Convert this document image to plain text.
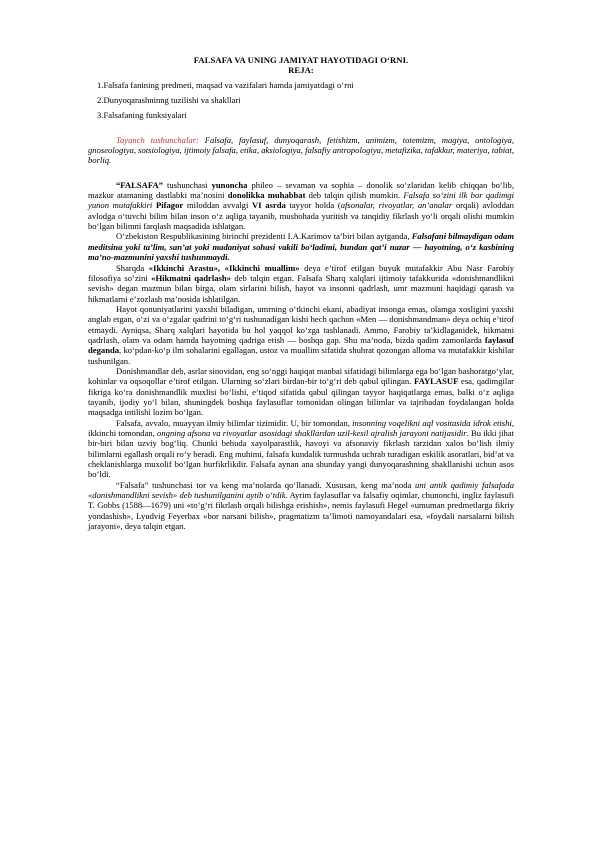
FALSAFA VA UNING JAMIYAT HAYOTIDAGI O‘RNI.

REJA:

1.Falsafa fanining predmeti, maqsad va vazifalari hamda jamiyatdagi o‘rni
2.Dunyoqarashninng tuzilishi va shakllari
3.Falsafaning funksiyalari

Tayanch tushunchalar: Falsafa, faylasuf, dunyoqarash, fetishizm, animizm, totemizm, magiya, ontologiya, gnoseologiya, sotsiologiya, ijtimoiy falsafa, etika, aksiologiya, falsafiy antropologiya, metafizika, tafakkur, materiya, tabiat, borliq.

“FALSAFA” tushunchasi yunoncha phileo – sevaman va sophia – donolik so‘zlaridan kelib chiqqan bo‘lib, mazkur atamaning dastlabki ma’nosini donolikka muhabbat deb talqin qilish mumkin. Falsafa so‘zini ilk bor qadimgi yunon mutafakkiri Pifagor miloddan avvalgi VI asrda tayyor holda (afsonalar, rivoyatlar, an’analar orqali) avloddan avlodga o‘tuvchi bilim bilan inson o‘z aqliga tayanib, mushohada yuritish va tanqidiy fikrlash yo‘li orqali olishi mumkin bo‘lgan bilimni farqlash maqsadida ishlatgan.

O‘zbekiston Respublikasining birinchi prezidenti I.A.Karimov ta’biri bilan aytganda, Falsafani bilmaydigan odam meditsina yoki ta’lim, san’at yoki madaniyat sohasi vakili bo‘ladimi, bundan qat’i nazar — hayotning, o‘z kasbining ma’no-mazmunini yaxshi tushunmaydi.

Sharqda «Ikkinchi Arastu», «Ikkinchi muallim» deya e’tirof etilgan buyuk mutafakkir Abu Nasr Farobiy filosofiya so‘zini «Hikmatni qadrlash» deb talqin etgan. Falsafa Sharq xalqlari ijtimoiy tafakkurida «donishmandlikni sevish» degan mazmun bilan birga, olam sirlarini bilish, hayot va insonni qadrlash, umr mazmuni haqidagi qarash va hikmatlarni e’zozlash ma’nosida ishlatilgan.

Hayot qonuniyatlarini yaxshi biladigan, umrning o‘tkinchi ekani, abadiyat insonga emas, olamga xosligini yaxshi anglab etgan, o‘zi va o‘zgalar qadrini to‘g‘ri tushunadigan kishi hech qachon «Men — donishmandman» deya ochiq e’tirof etmaydi. Ayniqsa, Sharq xalqlari hayotida bu hol yaqqol ko‘zga tashlanadi. Ammo, Farobiy ta’kidlaganidek, hikmatni qadrlash, olam va odam hamda hayotning qadriga etish — boshqa gap. Shu ma’noda, bizda qadim zamonlarda faylasuf deganda, ko‘pdan-ko‘p ilm sohalarini egallagan, ustoz va muallim sifatida shuhrat qozongan alloma va mutafakkir kishilar tushunilgan.

Donishmandlar deb, asrlar sinovidan, eng so‘nggi haqiqat manbai sifatidagi bilimlarga ega bo‘lgan bashoratgo‘ylar, kohinlar va oqsoqollar e’tirof etilgan. Ularning so‘zlari birdan-bir to‘g‘ri deb qabul qilingan. FAYLASUF esa, qadimgilar fikriga ko‘ra donishmandlik muxlisi bo‘lishi, e’tiqod sifatida qabul qilingan tayyor haqiqatlarga emas, balki o‘z aqliga tayanib, ijodiy yo‘l bilan, shuningdek boshqa faylasuflar tomonidan olingan bilimlar va tajribadan foydalangan holda maqsadga intilishi lozim bo‘lgan.

Falsafa, avvalo, muayyan ilmiy bilimlar tizimidir. U, bir tomondan, insonning voqelikni aql vositasida idrok etishi, ikkinchi tomondan, ongning afsona va rivoyatlar asosidagi shakllardan uzil-kesil ajralish jarayoni natijasidir. Bu ikki jihat bir-biri bilan uzviy bog‘liq. Chunki behuda xayolparastlik, havoyi va afsonaviy fikrlash tarzidan xalos bo‘lish ilmiy bilimlarni egallash orqali ro‘y beradi. Eng muhimi, falsafa kundalik turmushda uchrab turadigan eskilik asoratlari, bid’at va cheklanishlarga muxolif bo‘lgan hurfikrlikdir. Falsafa aynan ana shunday yangi dunyoqarashning shakllanishi uchun asos bo‘ldi.

“Falsafa” tushunchasi tor va keng ma’nolarda qo‘llanadi. Xususan, keng ma’noda uni antik qadimiy falsafada «donishmandlikni sevish» deb tushunilganini aytib o‘tdik. Ayrim faylasuflar va falsafiy oqimlar, chunonchi, ingliz faylasufi T. Gobbs (1588—1679) uni «to‘g‘ri fikrlash orqali bilishga erishish», nemis faylasufi Hegel «umuman predmetlarga fikriy yondashish», Lyudvig Feyerbax «bor narsani bilish», pragmatizm ta’limoti namoyandalari esa, «foydali narsalarni bilish jarayoni», deya talqin etgan.
